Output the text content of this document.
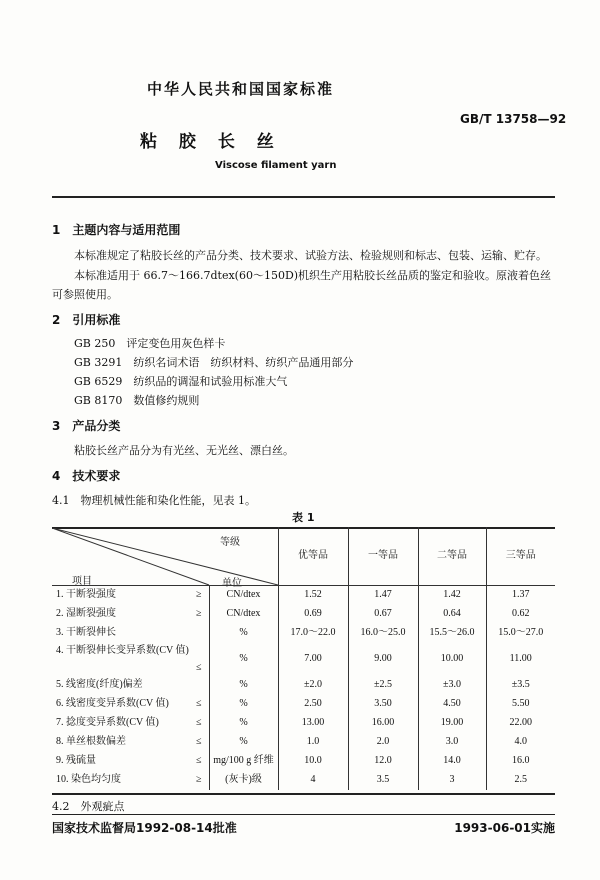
中华人民共和国国家标准
GB/T 13758—92
粘 胶 长 丝
Viscose filament yarn
1　主题内容与适用范围
本标准规定了粘胶长丝的产品分类、技术要求、试验方法、检验规则和标志、包装、运输、贮存。
本标准适用于 66.7～166.7dtex(60～150D)机织生产用粘胶长丝品质的鉴定和验收。原液着色丝
可参照使用。
2　引用标准
GB 250　评定变色用灰色样卡
GB 3291　纺织名词术语　纺织材料、纺织产品通用部分
GB 6529　纺织品的调湿和试验用标准大气
GB 8170　数值修约规则
3　产品分类
粘胶长丝产品分为有光丝、无光丝、漂白丝。
4　技术要求
4.1　物理机械性能和染化性能，见表 1。
表 1
等级
项目	单位
			优等品	一等品	二等品	三等品
1. 干断裂强度	≥	CN/dtex	1.52	1.47	1.42	1.37
2. 湿断裂强度	≥	CN/dtex	0.69	0.67	0.64	0.62
3. 干断裂伸长		%	17.0～22.0	16.0～25.0	15.5～26.0	15.0～27.0
4. 干断裂伸长变异系数(CV 值)	≤	%	7.00	9.00	10.00	11.00
5. 线密度(纤度)偏差		%	±2.0	±2.5	±3.0	±3.5
6. 线密度变异系数(CV 值)	≤	%	2.50	3.50	4.50	5.50
7. 捻度变异系数(CV 值)	≤	%	13.00	16.00	19.00	22.00
8. 单丝根数偏差	≤	%	1.0	2.0	3.0	4.0
9. 残硫量	≤	mg/100 g 纤维	10.0	12.0	14.0	16.0
10. 染色均匀度	≥	(灰卡)级	4	3.5	3	2.5
4.2　外观疵点
国家技术监督局1992-08-14批准	1993-06-01实施
